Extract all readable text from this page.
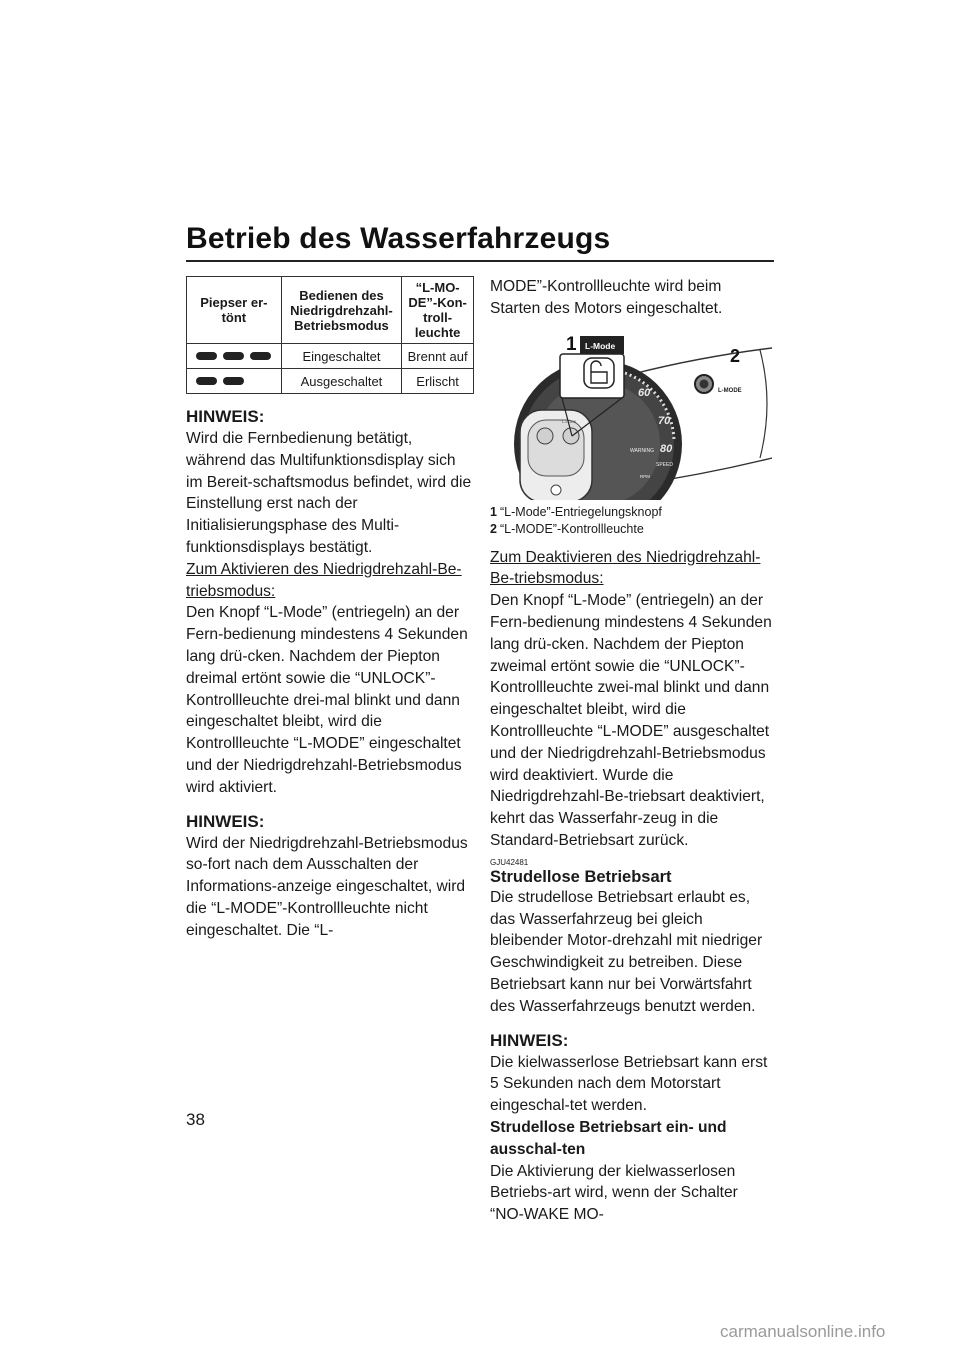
Betrieb des Wasserfahrzeugs
Piepser er-tönt	Bedienen des Niedrigdrehzahl-Betriebsmodus	“L-MO-DE”-Kon-troll-leuchte

	Eingeschaltet	Brennt auf

	Ausgeschaltet	Erlischt

HINWEIS:

Wird die Fernbedienung betätigt, während das Multifunktionsdisplay sich im Bereit-schaftsmodus befindet, wird die Einstellung erst nach der Initialisierungsphase des Multi-funktionsdisplays bestätigt.

Zum Aktivieren des Niedrigdrehzahl-Be-triebsmodus:

Den Knopf “L-Mode” (entriegeln) an der Fern-bedienung mindestens 4 Sekunden lang drü-cken. Nachdem der Piepton dreimal ertönt sowie die “UNLOCK”-Kontrollleuchte drei-mal blinkt und dann eingeschaltet bleibt, wird die Kontrollleuchte “L-MODE” eingeschaltet und der Niedrigdrehzahl-Betriebsmodus wird aktiviert.

HINWEIS:

Wird der Niedrigdrehzahl-Betriebsmodus so-fort nach dem Ausschalten der Informations-anzeige eingeschaltet, wird die “L-MODE”-Kontrollleuchte nicht eingeschaltet. Die “L-

MODE”-Kontrollleuchte wird beim Starten des Motors eingeschaltet.

60
70
80
WARNING
SPEED
RPM
L-LOCK
L-Mode
1
L-MODE
2

1 “L-Mode”-Entriegelungsknopf
2 “L-MODE”-Kontrollleuchte

Zum Deaktivieren des Niedrigdrehzahl-Be-triebsmodus:

Den Knopf “L-Mode” (entriegeln) an der Fern-bedienung mindestens 4 Sekunden lang drü-cken. Nachdem der Piepton zweimal ertönt sowie die “UNLOCK”-Kontrollleuchte zwei-mal blinkt und dann eingeschaltet bleibt, wird die Kontrollleuchte “L-MODE” ausgeschaltet und der Niedrigdrehzahl-Betriebsmodus wird deaktiviert. Wurde die Niedrigdrehzahl-Be-triebsart deaktiviert, kehrt das Wasserfahr-zeug in die Standard-Betriebsart zurück.

GJU42481

Strudellose Betriebsart

Die strudellose Betriebsart erlaubt es, das Wasserfahrzeug bei gleich bleibender Motor-drehzahl mit niedriger Geschwindigkeit zu betreiben. Diese Betriebsart kann nur bei Vorwärtsfahrt des Wasserfahrzeugs benutzt werden.

HINWEIS:

Die kielwasserlose Betriebsart kann erst 5 Sekunden nach dem Motorstart eingeschal-tet werden.

Strudellose Betriebsart ein- und ausschal-ten

Die Aktivierung der kielwasserlosen Betriebs-art wird, wenn der Schalter “NO-WAKE MO-

38
carmanualsonline.info
